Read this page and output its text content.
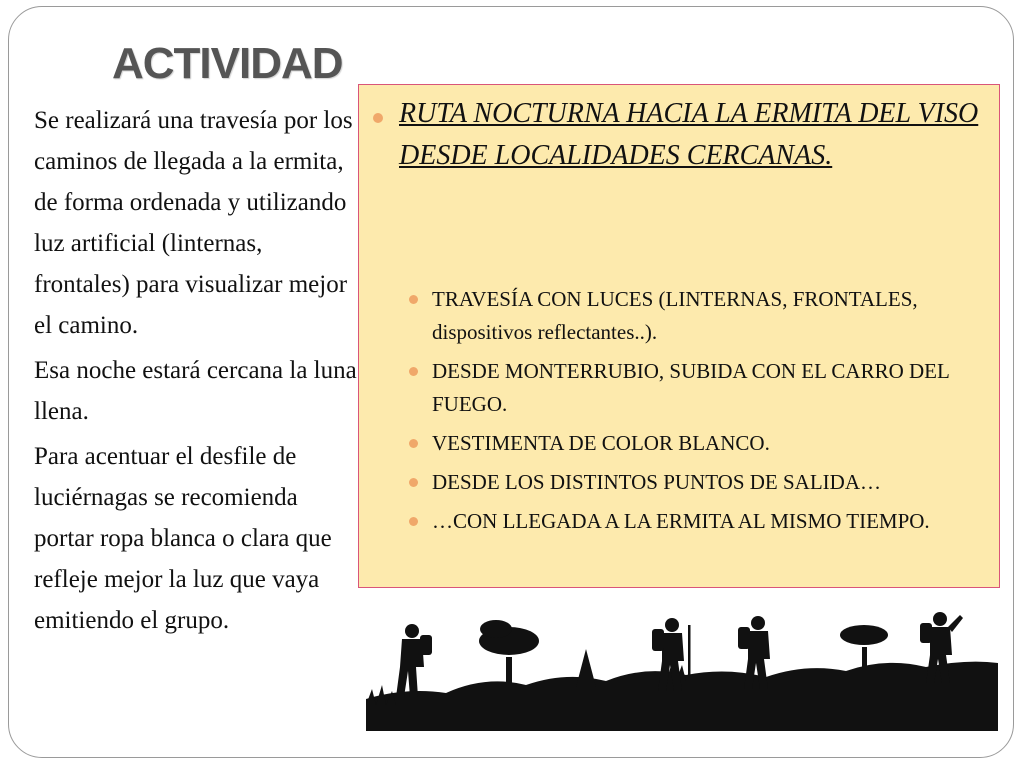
ACTIVIDAD

Se realizará una travesía por los caminos de llegada a la ermita, de forma ordenada y utilizando luz artificial (linternas, frontales) para visualizar mejor el camino.

Esa noche estará cercana la luna llena.

Para acentuar el desfile de luciérnagas se recomienda portar ropa blanca o clara que refleje mejor la luz que vaya emitiendo el grupo.

RUTA NOCTURNA HACIA LA ERMITA DEL VISO DESDE LOCALIDADES CERCANAS.
TRAVESÍA CON LUCES (LINTERNAS, FRONTALES, dispositivos reflectantes..).
DESDE MONTERRUBIO, SUBIDA CON EL CARRO DEL FUEGO.
VESTIMENTA DE COLOR BLANCO.
DESDE LOS DISTINTOS PUNTOS DE SALIDA…
…CON LLEGADA A LA ERMITA AL MISMO TIEMPO.
